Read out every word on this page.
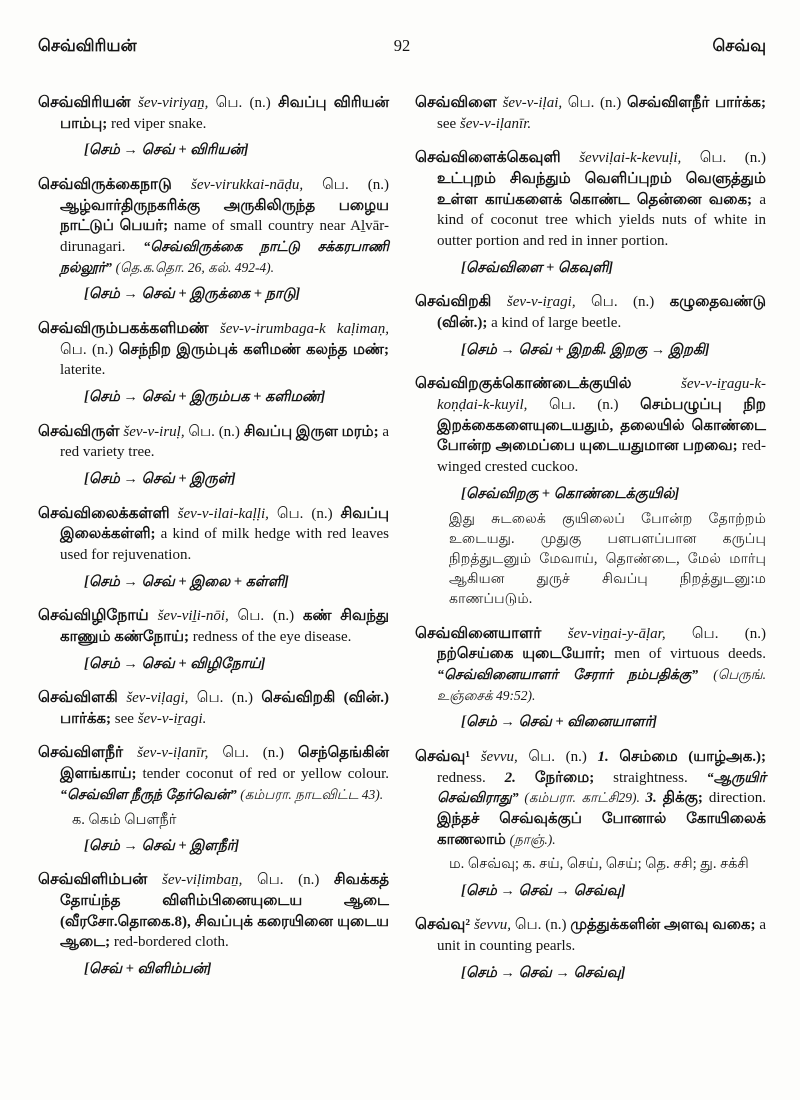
செவ்விரியன்	92	செவ்வு
செவ்விரியன் šev-viriyaṉ, பெ. (n.) சிவப்பு விரியன் பாம்பு; red viper snake.
[செம் → செவ் + விரியன்]
செவ்விருக்கைநாடு šev-virukkai-nāḍu, பெ. (n.) ஆழ்வார்திருநகரிக்கு அருகிலிருந்த பழைய நாட்டுப் பெயர்; name of small country near Aḻvār-dirunagari. “செவ்விருக்கை நாட்டு சக்கரபாணி நல்லூர்” (தெ.க.தொ. 26, கல். 492-4).
[செம் → செவ் + இருக்கை + நாடு]
செவ்விரும்பகக்களிமண் šev-v-irumbaga-k kaḷimaṇ, பெ. (n.) செந்நிற இரும்புக் களிமண் கலந்த மண்; laterite.
[செம் → செவ் + இரும்பக + களிமண்]
செவ்விருள் šev-v-iruḷ, பெ. (n.) சிவப்பு இருள மரம்; a red variety tree.
[செம் → செவ் + இருள்]
செவ்விலைக்கள்ளி šev-v-ilai-kaḷḷi, பெ. (n.) சிவப்பு இலைக்கள்ளி; a kind of milk hedge with red leaves used for rejuvenation.
[செம் → செவ் + இலை + கள்ளி]
செவ்விழிநோய் šev-viḻi-nōi, பெ. (n.) கண் சிவந்து காணும் கண்நோய்; redness of the eye disease.
[செம் → செவ் + விழிநோய்]
செவ்விளகி šev-viḷagi, பெ. (n.) செவ்விறகி (வின்.) பார்க்க; see šev-v-iṟagi.
செவ்விளநீர் šev-v-iḷanīr, பெ. (n.) செந்தெங்கின் இளங்காய்; tender coconut of red or yellow colour. “செவ்விள நீருந் தேர்வென்” (கம்பரா. நாடவிட்ட 43).
க. கெம் பௌநீர்
[செம் → செவ் + இளநீர்]
செவ்விளிம்பன் šev-viḷimbaṉ, பெ. (n.) சிவக்கத் தோய்ந்த விளிம்பினையுடைய ஆடை (வீரசோ.தொகை.8), சிவப்புக் கரையினை யுடைய ஆடை; red-bordered cloth.
[செவ் + விளிம்பன்]
செவ்விளை šev-v-iḷai, பெ. (n.) செவ்விளநீர் பார்க்க; see šev-v-iḷanīr.
செவ்விளைக்கெவுளி ševviḷai-k-kevuḷi, பெ. (n.) உட்புறம் சிவந்தும் வெளிப்புறம் வெளுத்தும் உள்ள காய்களைக் கொண்ட தென்னை வகை; a kind of coconut tree which yields nuts of white in outter portion and red in inner portion.
[செவ்விளை + கெவுளி]
செவ்விறகி šev-v-iṟagi, பெ. (n.) கழுதைவண்டு (வின்.); a kind of large beetle.
[செம் → செவ் + இறகி. இறகு → இறகி]
செவ்விறகுக்கொண்டைக்குயில் šev-v-iṟagu-k-koṇḍai-k-kuyil, பெ. (n.) செம்பழுப்பு நிற இறக்கைகளையுடையதும், தலையில் கொண்டை போன்ற அமைப்பை யுடையதுமான பறவை; red-winged crested cuckoo.
[செவ்விறகு + கொண்டைக்குயில்]
இது சுடலைக் குயிலைப் போன்ற தோற்றம் உடையது. முதுகு பளபளப்பான கருப்பு நிறத்துடனும் மேவாய், தொண்டை, மேல் மார்பு ஆகியன துருச் சிவப்பு நிறத்துடனு:ம காணப்படும்.
செவ்வினையாளர் šev-viṉai-y-āḷar, பெ. (n.) நற்செய்கை யுடையோர்; men of virtuous deeds. “செவ்வினையாளர் சேரார் நம்பதிக்கு” (பெருங். உஞ்சைக் 49:52).
[செம் → செவ் + வினையாளர்]
செவ்வு¹ ševvu, பெ. (n.) 1. செம்மை (யாழ்அக.); redness. 2. நேர்மை; straightness. “ஆருயிர் செவ்விராது” (கம்பரா. காட்சி29). 3. திக்கு; direction. இந்தச் செவ்வுக்குப் போனால் கோயிலைக் காணலாம் (நாஞ்.).
ம. செவ்வு; க. சய், செய், செய்; தெ. சசி; து. சக்சி
[செம் → செவ் → செவ்வு]
செவ்வு² ševvu, பெ. (n.) முத்துக்களின் அளவு வகை; a unit in counting pearls.
[செம் → செவ் → செவ்வு]
